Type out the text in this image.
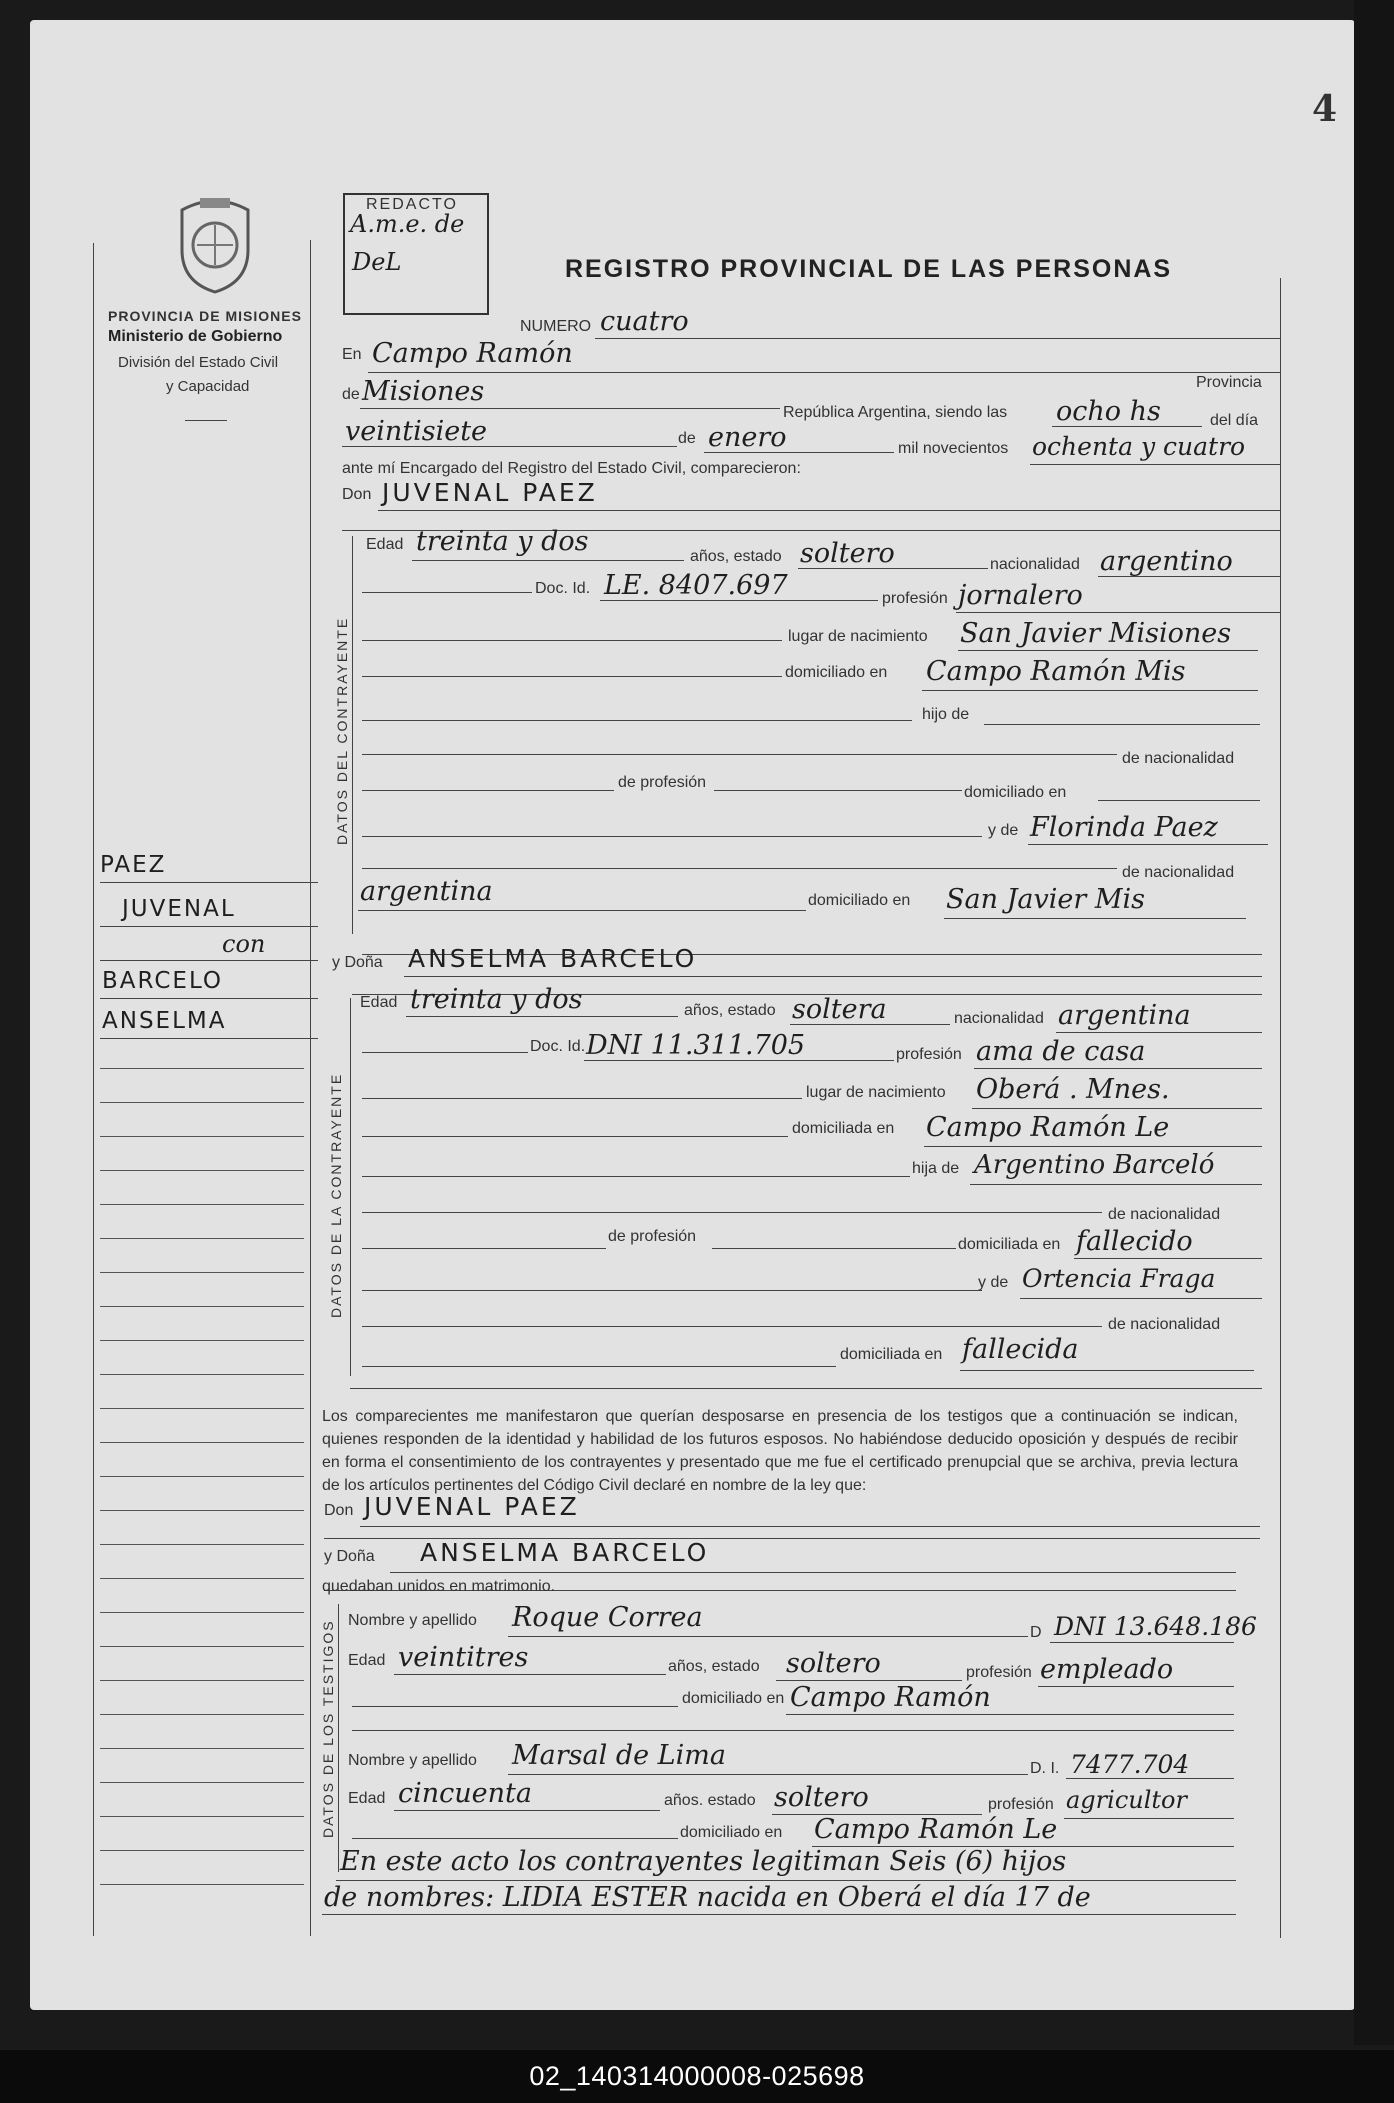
4
PROVINCIA DE MISIONES
Ministerio de Gobierno
División del Estado Civil
y Capacidad
REDACTO
A.m.e. de
DeL	REGISTRO PROVINCIAL DE LAS PERSONAS
NUMERO cuatro
En Campo Ramón
Provincia
de Misiones
República Argentina, siendo las ocho hs	del día
veintisiete	de enero	mil novecientos ochenta y cuatro
ante mí Encargado del Registro del Estado Civil, comparecieron:
Don JUVENAL PAEZ
DATOS DEL CONTRAYENTE
Edad treinta y dos	años, estado soltero	nacionalidad argentino
Doc. Id. LE. 8407.697	profesión jornalero
lugar de nacimiento San Javier Misiones
domiciliado en Campo Ramón Mis
hijo de
de nacionalidad
de profesión
domiciliado en
y de Florinda Paez
de nacionalidad
argentina	domiciliado en San Javier Mis
PAEZ
JUVENAL
con
BARCELO
ANSELMA
y Doña ANSELMA BARCELO
DATOS DE LA CONTRAYENTE
Edad treinta y dos	años, estado soltera	nacionalidad argentina
Doc. Id. DNI 11.311.705	profesión ama de casa
lugar de nacimiento Oberá . Mnes.
domiciliada en Campo Ramón Le
hija de Argentino Barceló
de nacionalidad
de profesión	domiciliada en fallecido
y de Ortencia Fraga
de nacionalidad
domiciliada en fallecida
Los comparecientes me manifestaron que querían desposarse en presencia de los testigos que a continuación se indican, quienes responden de la identidad y habilidad de los futuros esposos. No habiéndose deducido oposición y después de recibir en forma el consentimiento de los contrayentes y presentado que me fue el certificado prenupcial que se archiva, previa lectura de los artículos pertinentes del Código Civil declaré en nombre de la ley que:
Don JUVENAL PAEZ
y Doña ANSELMA BARCELO
quedaban unidos en matrimonio.
DATOS DE LOS TESTIGOS Nombre y apellido Roque Correa	D DNI 13.648.186
Edad veintitres	años, estado soltero	profesión empleado
domiciliado en Campo Ramón
Nombre y apellido Marsal de Lima	D. I. 7477.704
Edad cincuenta	años. estado soltero	profesión agricultor
domiciliado en Campo Ramón Le
En este acto los contrayentes legitiman Seis (6) hijos
de nombres: LIDIA ESTER nacida en Oberá el día 17 de
02_140314000008-025698
